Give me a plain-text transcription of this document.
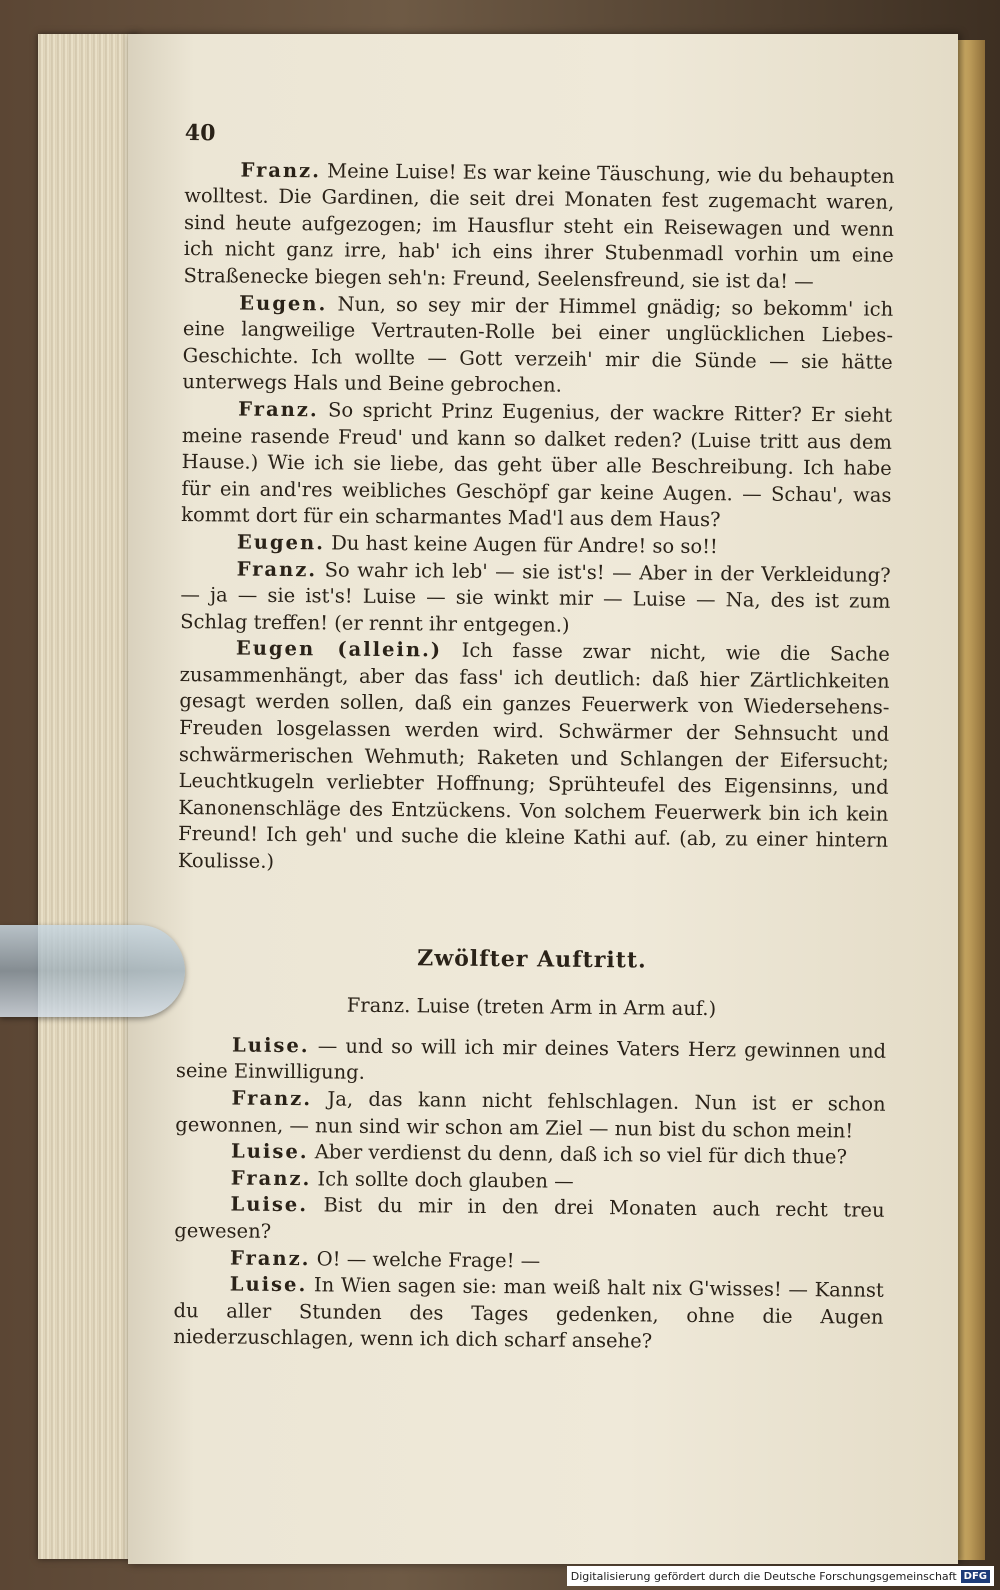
40

Franz. Meine Luise! Es war keine Täuschung, wie du behaupten wolltest. Die Gardinen, die seit drei Monaten fest zugemacht waren, sind heute aufgezogen; im Hausflur steht ein Reisewagen und wenn ich nicht ganz irre, hab' ich eins ihrer Stubenmadl vorhin um eine Straßenecke biegen seh'n: Freund, Seelensfreund, sie ist da! —

Eugen. Nun, so sey mir der Himmel gnädig; so bekomm' ich eine langweilige Vertrauten-Rolle bei einer unglücklichen Liebes-Geschichte. Ich wollte — Gott verzeih' mir die Sünde — sie hätte unterwegs Hals und Beine gebrochen.

Franz. So spricht Prinz Eugenius, der wackre Ritter? Er sieht meine rasende Freud' und kann so dalket reden? (Luise tritt aus dem Hause.) Wie ich sie liebe, das geht über alle Beschreibung. Ich habe für ein and'res weibliches Geschöpf gar keine Augen. — Schau', was kommt dort für ein scharmantes Mad'l aus dem Haus?

Eugen. Du hast keine Augen für Andre! so so!!

Franz. So wahr ich leb' — sie ist's! — Aber in der Verkleidung? — ja — sie ist's! Luise — sie winkt mir — Luise — Na, des ist zum Schlag treffen! (er rennt ihr entgegen.)

Eugen (allein.) Ich fasse zwar nicht, wie die Sache zusammenhängt, aber das fass' ich deutlich: daß hier Zärtlichkeiten gesagt werden sollen, daß ein ganzes Feuerwerk von Wiedersehens-Freuden losgelassen werden wird. Schwärmer der Sehnsucht und schwärmerischen Wehmuth; Raketen und Schlangen der Eifersucht; Leuchtkugeln verliebter Hoffnung; Sprühteufel des Eigensinns, und Kanonenschläge des Entzückens. Von solchem Feuerwerk bin ich kein Freund! Ich geh' und suche die kleine Kathi auf. (ab, zu einer hintern Koulisse.)

Zwölfter Auftritt.
Franz. Luise (treten Arm in Arm auf.)

Luise. — und so will ich mir deines Vaters Herz gewinnen und seine Einwilligung.

Franz. Ja, das kann nicht fehlschlagen. Nun ist er schon gewonnen, — nun sind wir schon am Ziel — nun bist du schon mein!

Luise. Aber verdienst du denn, daß ich so viel für dich thue?

Franz. Ich sollte doch glauben —

Luise. Bist du mir in den drei Monaten auch recht treu gewesen?

Franz. O! — welche Frage! —

Luise. In Wien sagen sie: man weiß halt nix G'wisses! — Kannst du aller Stunden des Tages gedenken, ohne die Augen niederzuschlagen, wenn ich dich scharf ansehe?

Digitalisierung gefördert durch die Deutsche Forschungsgemeinschaft DFG
